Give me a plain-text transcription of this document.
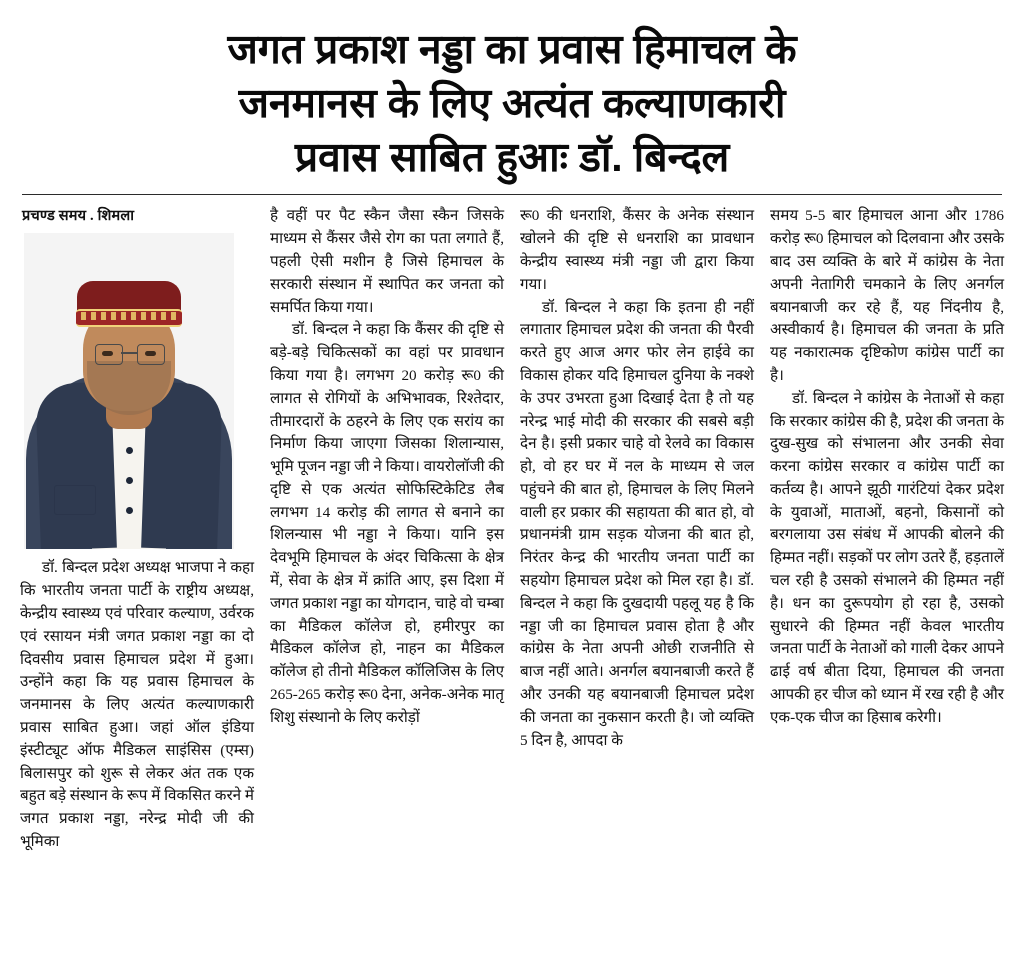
जगत प्रकाश नड्डा का प्रवास हिमाचल के
जनमानस के लिए अत्यंत कल्याणकारी
प्रवास साबित हुआः डॉ. बिन्दल
प्रचण्ड समय . शिमला

डॉ. बिन्दल प्रदेश अध्यक्ष भाजपा ने कहा कि भारतीय जनता पार्टी के राष्ट्रीय अध्यक्ष, केन्द्रीय स्वास्थ्य एवं परिवार कल्याण, उर्वरक एवं रसायन मंत्री जगत प्रकाश नड्डा का दो दिवसीय प्रवास हिमाचल प्रदेश में हुआ। उन्होंने कहा कि यह प्रवास हिमाचल के जनमानस के लिए अत्यंत कल्याणकारी प्रवास साबित हुआ। जहां ऑल इंडिया इंस्टीट्यूट ऑफ मैडिकल साइंसिस (एम्स) बिलासपुर को शुरू से लेकर अंत तक एक बहुत बड़े संस्थान के रूप में विकसित करने में जगत प्रकाश नड्डा, नरेन्द्र मोदी जी की भूमिका

है वहीं पर पैट स्कैन जैसा स्कैन जिसके माध्यम से कैंसर जैसे रोग का पता लगाते हैं, पहली ऐसी मशीन है जिसे हिमाचल के सरकारी संस्थान में स्थापित कर जनता को समर्पित किया गया।

डॉ. बिन्दल ने कहा कि कैंसर की दृष्टि से बड़े-बड़े चिकित्सकों का वहां पर प्रावधान किया गया है। लगभग 20 करोड़ रू0 की लागत से रोगियों के अभिभावक, रिश्तेदार, तीमारदारों के ठहरने के लिए एक सरांय का निर्माण किया जाएगा जिसका शिलान्यास, भूमि पूजन नड्डा जी ने किया। वायरोलॉजी की दृष्टि से एक अत्यंत सोफिस्टिकेटिड लैब लगभग 14 करोड़ की लागत से बनाने का शिलन्यास भी नड्डा ने किया। यानि इस देवभूमि हिमाचल के अंदर चिकित्सा के क्षेत्र में, सेवा के क्षेत्र में क्रांति आए, इस दिशा में जगत प्रकाश नड्डा का योगदान, चाहे वो चम्बा का मैडिकल कॉलेज हो, हमीरपुर का मैडिकल कॉलेज हो, नाहन का मैडिकल कॉलेज हो तीनो मैडिकल कॉलिजिस के लिए 265-265 करोड़ रू0 देना, अनेक-अनेक मातृ शिशु संस्थानो के लिए करोड़ों

रू0 की धनराशि, कैंसर के अनेक संस्थान खोलने की दृष्टि से धनराशि का प्रावधान केन्द्रीय स्वास्थ्य मंत्री नड्डा जी द्वारा किया गया।

डॉ. बिन्दल ने कहा कि इतना ही नहीं लगातार हिमाचल प्रदेश की जनता की पैरवी करते हुए आज अगर फोर लेन हाईवे का विकास होकर यदि हिमाचल दुनिया के नक्शे के उपर उभरता हुआ दिखाई देता है तो यह नरेन्द्र भाई मोदी की सरकार की सबसे बड़ी देन है। इसी प्रकार चाहे वो रेलवे का विकास हो, वो हर घर में नल के माध्यम से जल पहुंचने की बात हो, हिमाचल के लिए मिलने वाली हर प्रकार की सहायता की बात हो, वो प्रधानमंत्री ग्राम सड़क योजना की बात हो, निरंतर केन्द्र की भारतीय जनता पार्टी का सहयोग हिमाचल प्रदेश को मिल रहा है। डॉ. बिन्दल ने कहा कि दुखदायी पहलू यह है कि नड्डा जी का हिमाचल प्रवास होता है और कांग्रेस के नेता अपनी ओछी राजनीति से बाज नहीं आते। अनर्गल बयानबाजी करते हैं और उनकी यह बयानबाजी हिमाचल प्रदेश की जनता का नुकसान करती है। जो व्यक्ति 5 दिन है, आपदा के

समय 5-5 बार हिमाचल आना और 1786 करोड़ रू0 हिमाचल को दिलवाना और उसके बाद उस व्यक्ति के बारे में कांग्रेस के नेता अपनी नेतागिरी चमकाने के लिए अनर्गल बयानबाजी कर रहे हैं, यह निंदनीय है, अस्वीकार्य है। हिमाचल की जनता के प्रति यह नकारात्मक दृष्टिकोण कांग्रेस पार्टी का है।

डॉ. बिन्दल ने कांग्रेस के नेताओं से कहा कि सरकार कांग्रेस की है, प्रदेश की जनता के दुख-सुख को संभालना और उनकी सेवा करना कांग्रेस सरकार व कांग्रेस पार्टी का कर्तव्य है। आपने झूठी गारंटियां देकर प्रदेश के युवाओं, माताओं, बहनो, किसानों को बरगलाया उस संबंध में आपकी बोलने की हिम्मत नहीं। सड़कों पर लोग उतरे हैं, हड़तालें चल रही है उसको संभालने की हिम्मत नहीं है। धन का दुरूपयोग हो रहा है, उसको सुधारने की हिम्मत नहीं केवल भारतीय जनता पार्टी के नेताओं को गाली देकर आपने ढाई वर्ष बीता दिया, हिमाचल की जनता आपकी हर चीज को ध्यान में रख रही है और एक-एक चीज का हिसाब करेगी।
